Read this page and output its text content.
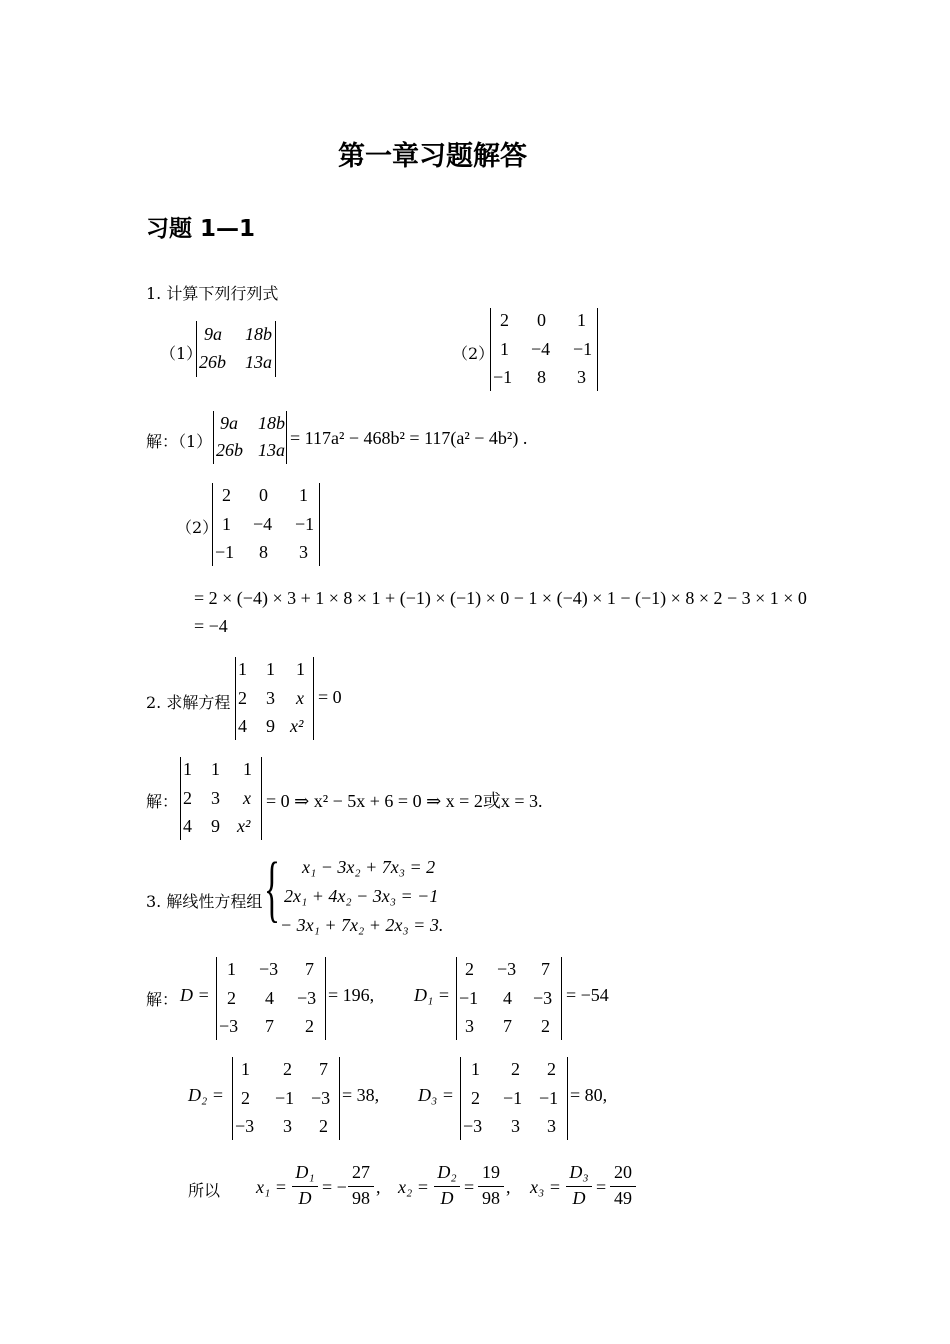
第一章习题解答
习题 1—1
1. 计算下列行列式
（1）
9a 18b
26b 13a	（2）
2 0 1
1 −4 −1
−1 8 3
解：（1）
9a 18b
26b 13a
= 117a² − 468b² = 117(a² − 4b²) .
（2）
2 0 1
1 −4 −1
−1 8 3
= 2 × (−4) × 3 + 1 × 8 × 1 + (−1) × (−1) × 0 − 1 × (−4) × 1 − (−1) × 8 × 2 − 3 × 1 × 0
= −4
2. 求解方程
1 1 1
2 3 x
4 9 x²
= 0
解：
1 1 1
2 3 x
4 9 x²
= 0 ⇒ x² − 5x + 6 = 0 ⇒ x = 2或x = 3.
3. 解线性方程组 { x₁ − 3x₂ + 7x₃ = 2
2x₁ + 4x₂ − 3x₃ = −1
− 3x₁ + 7x₂ + 2x₃ = 3.
解： D =
1 −3 7
2 4 −3
−3 7 2
= 196, D₁ =
2 −3 7
−1 4 −3
3 7 2
= −54
D₂ =
1 2 7
2 −1 −3
−3 3 2
= 38, D₃ =
1 2 2
2 −1 −1
−3 3 3
= 80,
所以 x₁ =
D₁
D
= −
27
98
, x₂ =
D₂
D
=
19
98
, x₃ =
D₃
D
=
20
49
